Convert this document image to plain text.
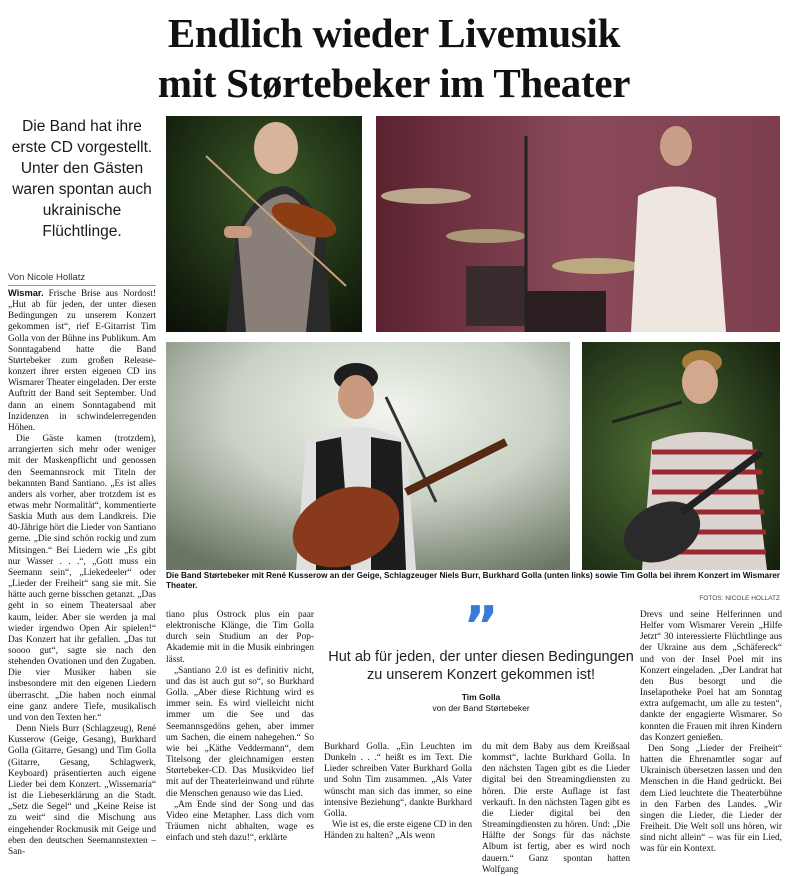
Endlich wieder Livemusik
mit Størtebeker im Theater
Die Band hat ihre erste CD vorgestellt. Unter den Gästen waren spontan auch ukrainische Flüchtlinge.
Von Nicole Hollatz
Die Band Størtebeker mit René Kusserow an der Geige, Schlagzeuger Niels Burr, Burkhard Golla (unten links) sowie Tim Golla bei ihrem Konzert im Wismarer Theater.
FOTOS: NICOLE HOLLATZ
”
Hut ab für jeden, der unter diesen Bedingungen zu unserem Konzert gekommen ist!
Tim Golla
von der Band Størtebeker

Wismar. Frische Brise aus Nordost! „Hut ab für jeden, der unter diesen Bedingungen zu unserem Konzert gekommen ist“, rief E-Gitarrist Tim Golla von der Bühne ins Publikum. Am Sonntagabend hatte die Band Størtebeker zum großen Release-konzert ihrer ersten eigenen CD ins Wismarer Theater eingeladen. Der erste Auftritt der Band seit September. Und dann an einem Sonntagabend mit Inzidenzen in schwindelerregenden Höhen.

Die Gäste kamen (trotzdem), arrangierten sich mehr oder weniger mit der Maskenpflicht und genossen den Seemannsrock mit Titeln der bekannten Band Santiano. „Es ist alles anders als vorher, aber trotzdem ist es etwas mehr Normalität“, kommentierte Saskia Muth aus dem Landkreis. Die 40-Jährige hört die Lieder von Santiano gerne. „Die sind schön rockig und zum Mitsingen.“ Bei Liedern wie „Es gibt nur Wasser . . .“, „Gott muss ein Seemann sein“, „Liekedeeler“ oder „Lieder der Freiheit“ sang sie mit. Sie hätte auch gerne bisschen getanzt. „Das geht in so einem Theatersaal aber kaum, leider. Aber sie werden ja mal wieder irgendwo Open Air spielen!“ Das Konzert hat ihr gefallen. „Das tut soooo gut“, sagte sie nach den stehenden Ovationen und den Zugaben. Die vier Musiker haben sie insbesondere mit den eigenen Liedern überrascht. „Die haben noch einmal eine ganz andere Tiefe, musikalisch und von den Texten her.“

Denn Niels Burr (Schlagzeug), René Kusserow (Geige, Gesang), Burkhard Golla (Gitarre, Gesang) und Tim Golla (Gitarre, Gesang, Schlagwerk, Keyboard) präsentierten auch eigene Lieder bei dem Konzert. „Wissemaria“ ist die Liebeserklärung an die Stadt. „Setz die Segel“ und „Keine Reise ist zu weit“ sind die Mischung aus eingehender Rockmusik mit Geige und eben den deutschen Seemannstexten – San-

tiano plus Ostrock plus ein paar elektronische Klänge, die Tim Golla durch sein Studium an der Pop-Akademie mit in die Musik einbringen lässt.

„Santiano 2.0 ist es definitiv nicht, und das ist auch gut so“, so Burkhard Golla. „Aber diese Richtung wird es immer sein. Es wird vielleicht nicht immer um die See und das Seemannsgedöns gehen, aber immer um Sachen, die einem nahegehen.“ So wie bei „Käthe Veddermann“, dem Titelsong der gleichnamigen ersten Størtebeker-CD. Das Musikvideo lief mit auf der Theaterleinwand und rührte die Menschen genauso wie das Lied.

„Am Ende sind der Song und das Video eine Metapher. Lass dich vom Träumen nicht abhalten, wage es einfach und steh dazu!“, erklärte

Burkhard Golla. „Ein Leuchten im Dunkeln . . .“ heißt es im Text. Die Lieder schreiben Vater Burkhard Golla und Sohn Tim zusammen. „Als Vater wünscht man sich das immer, so eine intensive Beziehung“, dankte Burkhard Golla.

Wie ist es, die erste eigene CD in den Händen zu halten? „Als wenn

du mit dem Baby aus dem Kreißsaal kommst“, lachte Burkhard Golla. In den nächsten Tagen gibt es die Lieder digital bei den Streamingdiensten zu hören. Die erste Auflage ist fast verkauft. In den nächsten Tagen gibt es die Lieder digital bei den Streamingdiensten zu hören. Und: „Die Hälfte der Songs für das nächste Album ist fertig, aber es wird noch dauern.“ Ganz spontan hatten Wolfgang

Drevs und seine Helferinnen und Helfer vom Wismarer Verein „Hilfe Jetzt“ 30 interessierte Flüchtlinge aus der Ukraine aus dem „Schäfereck“ und von der Insel Poel mit ins Konzert eingeladen. „Der Landrat hat den Bus besorgt und die Inselapotheke Poel hat am Sonntag extra aufgemacht, um alle zu testen“, dankte der engagierte Wismarer. So konnten die Frauen mit ihren Kindern das Konzert genießen.

Den Song „Lieder der Freiheit“ hatten die Ehrenamtler sogar auf Ukrainisch übersetzen lassen und den Menschen in die Hand gedrückt. Bei dem Lied leuchtete die Theaterbühne in den Farben des Landes. „Wir singen die Lieder, die Lieder der Freiheit. Die Welt soll uns hören, wir sind nicht allein“ – was für ein Lied, was für ein Kontext.
